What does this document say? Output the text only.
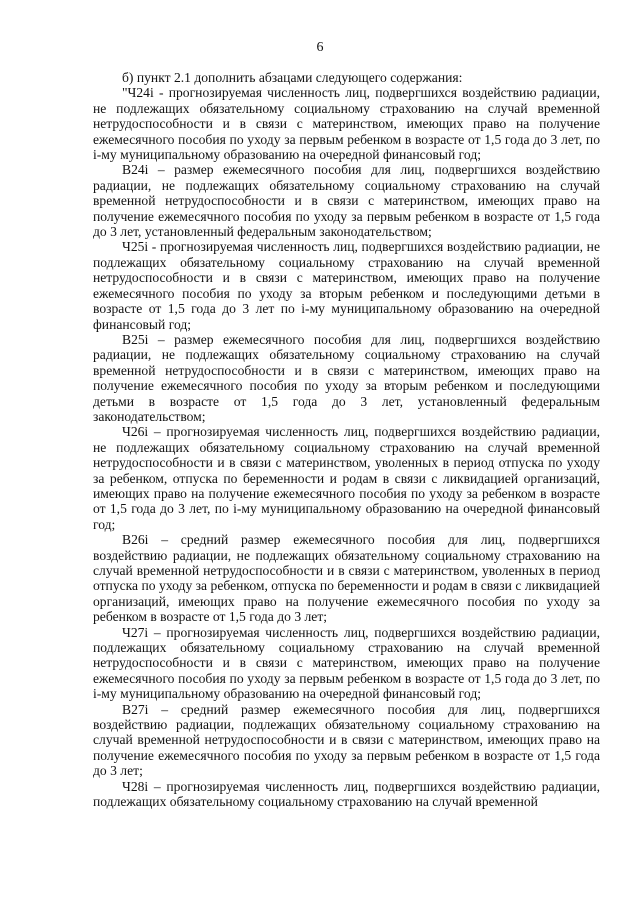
6

б) пункт 2.1 дополнить абзацами следующего содержания:

"Ч24i - прогнозируемая численность лиц, подвергшихся воздействию радиации, не подлежащих обязательному социальному страхованию на случай временной нетрудоспособности и в связи с материнством, имеющих право на получение ежемесячного пособия по уходу за первым ребенком в возрасте от 1,5 года до 3 лет, по i-му муниципальному образованию на очередной финансовый год;

В24i – размер ежемесячного пособия для лиц, подвергшихся воздействию радиации, не подлежащих обязательному социальному страхованию на случай временной нетрудоспособности и в связи с материнством, имеющих право на получение ежемесячного пособия по уходу за первым ребенком в возрасте от 1,5 года до 3 лет, установленный федеральным законодательством;

Ч25i - прогнозируемая численность лиц, подвергшихся воздействию радиации, не подлежащих обязательному социальному страхованию на случай временной нетрудоспособности и в связи с материнством, имеющих право на получение ежемесячного пособия по уходу за вторым ребенком и последующими детьми в возрасте от 1,5 года до 3 лет по i-му муниципальному образованию на очередной финансовый год;

В25i – размер ежемесячного пособия для лиц, подвергшихся воздействию радиации, не подлежащих обязательному социальному страхованию на случай временной нетрудоспособности и в связи с материнством, имеющих право на получение ежемесячного пособия по уходу за вторым ребенком и последующими детьми в возрасте от 1,5 года до 3 лет, установленный федеральным законодательством;

Ч26i – прогнозируемая численность лиц, подвергшихся воздействию радиации, не подлежащих обязательному социальному страхованию на случай временной нетрудоспособности и в связи с материнством, уволенных в период отпуска по уходу за ребенком, отпуска по беременности и родам в связи с ликвидацией организаций, имеющих право на получение ежемесячного пособия по уходу за ребенком в возрасте от 1,5 года до 3 лет, по i-му муниципальному образованию на очередной финансовый год;

В26i – средний размер ежемесячного пособия для лиц, подвергшихся воздействию радиации, не подлежащих обязательному социальному страхованию на случай временной нетрудоспособности и в связи с материнством, уволенных в период отпуска по уходу за ребенком, отпуска по беременности и родам в связи с ликвидацией организаций, имеющих право на получение ежемесячного пособия по уходу за ребенком в возрасте от 1,5 года до 3 лет;

Ч27i – прогнозируемая численность лиц, подвергшихся воздействию радиации, подлежащих обязательному социальному страхованию на случай временной нетрудоспособности и в связи с материнством, имеющих право на получение ежемесячного пособия по уходу за первым ребенком в возрасте от 1,5 года до 3 лет, по i-му муниципальному образованию на очередной финансовый год;

В27i – средний размер ежемесячного пособия для лиц, подвергшихся воздействию радиации, подлежащих обязательному социальному страхованию на случай временной нетрудоспособности и в связи с материнством, имеющих право на получение ежемесячного пособия по уходу за первым ребенком в возрасте от 1,5 года до 3 лет;

Ч28i – прогнозируемая численность лиц, подвергшихся воздействию радиации, подлежащих обязательному социальному страхованию на случай временной
